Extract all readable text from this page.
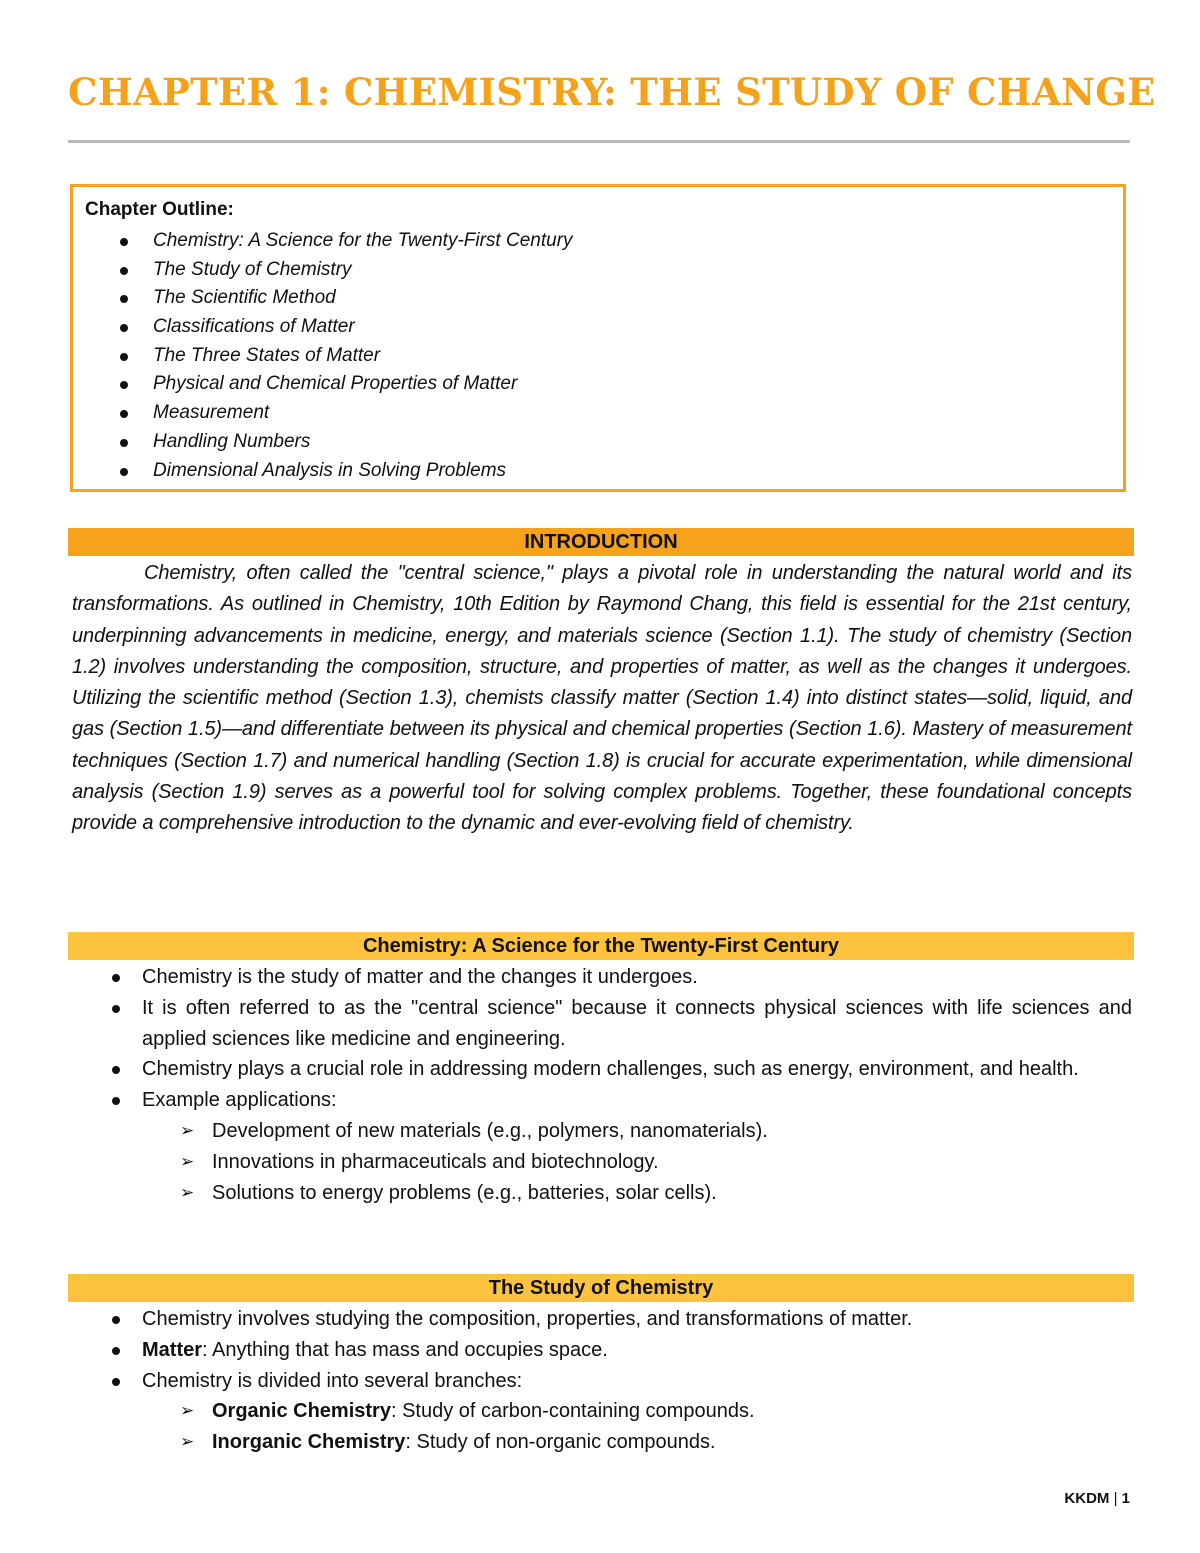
CHAPTER 1: CHEMISTRY: THE STUDY OF CHANGE
Chapter Outline:
Chemistry: A Science for the Twenty-First Century
The Study of Chemistry
The Scientific Method
Classifications of Matter
The Three States of Matter
Physical and Chemical Properties of Matter
Measurement
Handling Numbers
Dimensional Analysis in Solving Problems
INTRODUCTION

Chemistry, often called the "central science," plays a pivotal role in understanding the natural world and its transformations. As outlined in Chemistry, 10th Edition by Raymond Chang, this field is essential for the 21st century, underpinning advancements in medicine, energy, and materials science (Section 1.1). The study of chemistry (Section 1.2) involves understanding the composition, structure, and properties of matter, as well as the changes it undergoes. Utilizing the scientific method (Section 1.3), chemists classify matter (Section 1.4) into distinct states—solid, liquid, and gas (Section 1.5)—and differentiate between its physical and chemical properties (Section 1.6). Mastery of measurement techniques (Section 1.7) and numerical handling (Section 1.8) is crucial for accurate experimentation, while dimensional analysis (Section 1.9) serves as a powerful tool for solving complex problems. Together, these foundational concepts provide a comprehensive introduction to the dynamic and ever-evolving field of chemistry.

Chemistry: A Science for the Twenty-First Century
Chemistry is the study of matter and the changes it undergoes.
It is often referred to as the "central science" because it connects physical sciences with life sciences and applied sciences like medicine and engineering.
Chemistry plays a crucial role in addressing modern challenges, such as energy, environment, and health.
Example applications:
➢ Development of new materials (e.g., polymers, nanomaterials).
➢ Innovations in pharmaceuticals and biotechnology.
➢ Solutions to energy problems (e.g., batteries, solar cells).
The Study of Chemistry
Chemistry involves studying the composition, properties, and transformations of matter.
Matter: Anything that has mass and occupies space.
Chemistry is divided into several branches:
➢ Organic Chemistry: Study of carbon-containing compounds.
➢ Inorganic Chemistry: Study of non-organic compounds.
KKDM | 1
